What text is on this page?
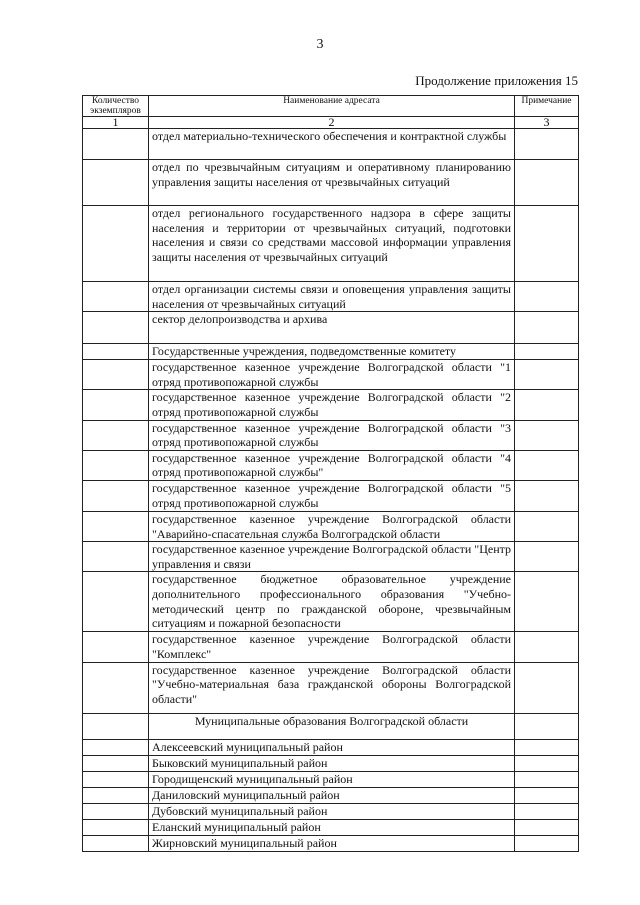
3
Продолжение приложения 15
Количество экземпляров	Наименование адресата	Примечание
1	2	3
	отдел материально-технического обеспечения и контрактной службы	
	отдел по чрезвычайным ситуациям и оперативному планированию управления защиты населения от чрезвычайных ситуаций	
	отдел регионального государственного надзора в сфере защиты населения и территории от чрезвычайных ситуаций, подготовки населения и связи со средствами массовой информации управления защиты населения от чрезвычайных ситуаций	
	отдел организации системы связи и оповещения управления защиты населения от чрезвычайных ситуаций	
	сектор делопроизводства и архива	
	Государственные учреждения, подведомственные комитету	
	государственное казенное учреждение Волгоградской области "1 отряд противопожарной службы	
	государственное казенное учреждение Волгоградской области "2 отряд противопожарной службы	
	государственное казенное учреждение Волгоградской области "3 отряд противопожарной службы	
	государственное казенное учреждение Волгоградской области "4 отряд противопожарной службы"	
	государственное казенное учреждение Волгоградской области "5 отряд противопожарной службы	
	государственное казенное учреждение Волгоградской области "Аварийно-спасательная служба Волгоградской области	
	государственное казенное учреждение Волгоградской области "Центр управления и связи	
	государственное бюджетное образовательное учреждение дополнительного профессионального образования "Учебно-методический центр по гражданской обороне, чрезвычайным ситуациям и пожарной безопасности	
	государственное казенное учреждение Волгоградской области "Комплекс"	
	государственное казенное учреждение Волгоградской области "Учебно-материальная база гражданской обороны Волгоградской области"	
	Муниципальные образования Волгоградской области	
	Алексеевский муниципальный район	
	Быковский муниципальный район	
	Городищенский муниципальный район	
	Даниловский муниципальный район	
	Дубовский муниципальный район	
	Еланский муниципальный район	
	Жирновский муниципальный район	
